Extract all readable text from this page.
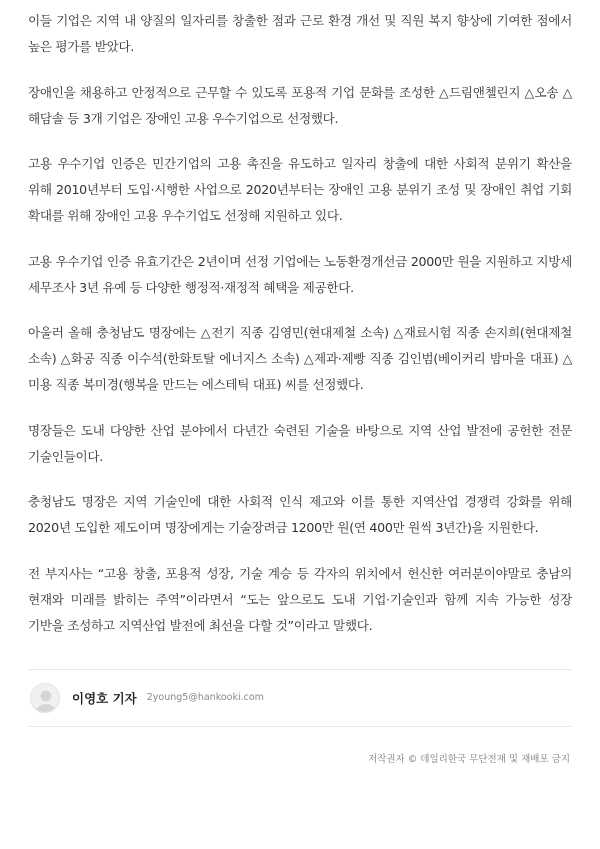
이들 기업은 지역 내 양질의 일자리를 창출한 점과 근로 환경 개선 및 직원 복지 향상에 기여한 점에서 높은 평가를 받았다.

장애인을 채용하고 안정적으로 근무할 수 있도록 포용적 기업 문화를 조성한 △드림앤첼린지 △오송 △해담솔 등 3개 기업은 장애인 고용 우수기업으로 선정했다.

고용 우수기업 인증은 민간기업의 고용 촉진을 유도하고 일자리 창출에 대한 사회적 분위기 확산을 위해 2010년부터 도입·시행한 사업으로 2020년부터는 장애인 고용 분위기 조성 및 장애인 취업 기회 확대를 위해 장애인 고용 우수기업도 선정해 지원하고 있다.

고용 우수기업 인증 유효기간은 2년이며 선정 기업에는 노동환경개선금 2000만 원을 지원하고 지방세 세무조사 3년 유예 등 다양한 행정적·재정적 혜택을 제공한다.

아울러 올해 충청남도 명장에는 △전기 직종 김영민(현대제철 소속) △재료시험 직종 손지희(현대제철 소속) △화공 직종 이수석(한화토탈 에너지스 소속) △제과·제빵 직종 김인범(베이커리 밤마을 대표) △미용 직종 복미경(행복을 만드는 에스테틱 대표) 씨를 선정했다.

명장들은 도내 다양한 산업 분야에서 다년간 숙련된 기술을 바탕으로 지역 산업 발전에 공헌한 전문 기술인들이다.

충청남도 명장은 지역 기술인에 대한 사회적 인식 제고와 이를 통한 지역산업 경쟁력 강화를 위해 2020년 도입한 제도이며 명장에게는 기술장려금 1200만 원(연 400만 원씩 3년간)을 지원한다.

전 부지사는 “고용 창출, 포용적 성장, 기술 계승 등 각자의 위치에서 헌신한 여러분이야말로 충남의 현재와 미래를 밝히는 주역”이라면서 “도는 앞으로도 도내 기업·기술인과 함께 지속 가능한 성장 기반을 조성하고 지역산업 발전에 최선을 다할 것”이라고 말했다.

이영호 기자 2young5@hankooki.com
저작권자 © 데일리한국 무단전재 및 재배포 금지
